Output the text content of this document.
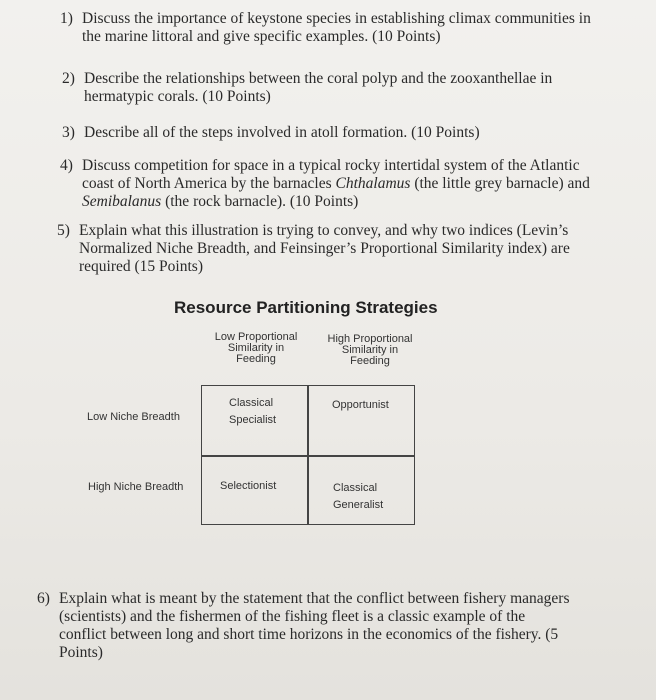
1) Discuss the importance of keystone species in establishing climax communities in
the marine littoral and give specific examples. (10 Points)
2) Describe the relationships between the coral polyp and the zooxanthellae in
hermatypic corals. (10 Points)
3) Describe all of the steps involved in atoll formation. (10 Points)
4) Discuss competition for space in a typical rocky intertidal system of the Atlantic
coast of North America by the barnacles Chthalamus (the little grey barnacle) and
Semibalanus (the rock barnacle). (10 Points)
5) Explain what this illustration is trying to convey, and why two indices (Levin’s
Normalized Niche Breadth, and Feinsinger’s Proportional Similarity index) are
required (15 Points)
Resource Partitioning Strategies
Low Proportional
Similarity in
Feeding
High Proportional
Similarity in
Feeding
Low Niche Breadth
High Niche Breadth
Classical
Specialist
Opportunist
Selectionist	Classical
Generalist
6) Explain what is meant by the statement that the conflict between fishery managers
(scientists) and the fishermen of the fishing fleet is a classic example of the
conflict between long and short time horizons in the economics of the fishery. (5
Points)
